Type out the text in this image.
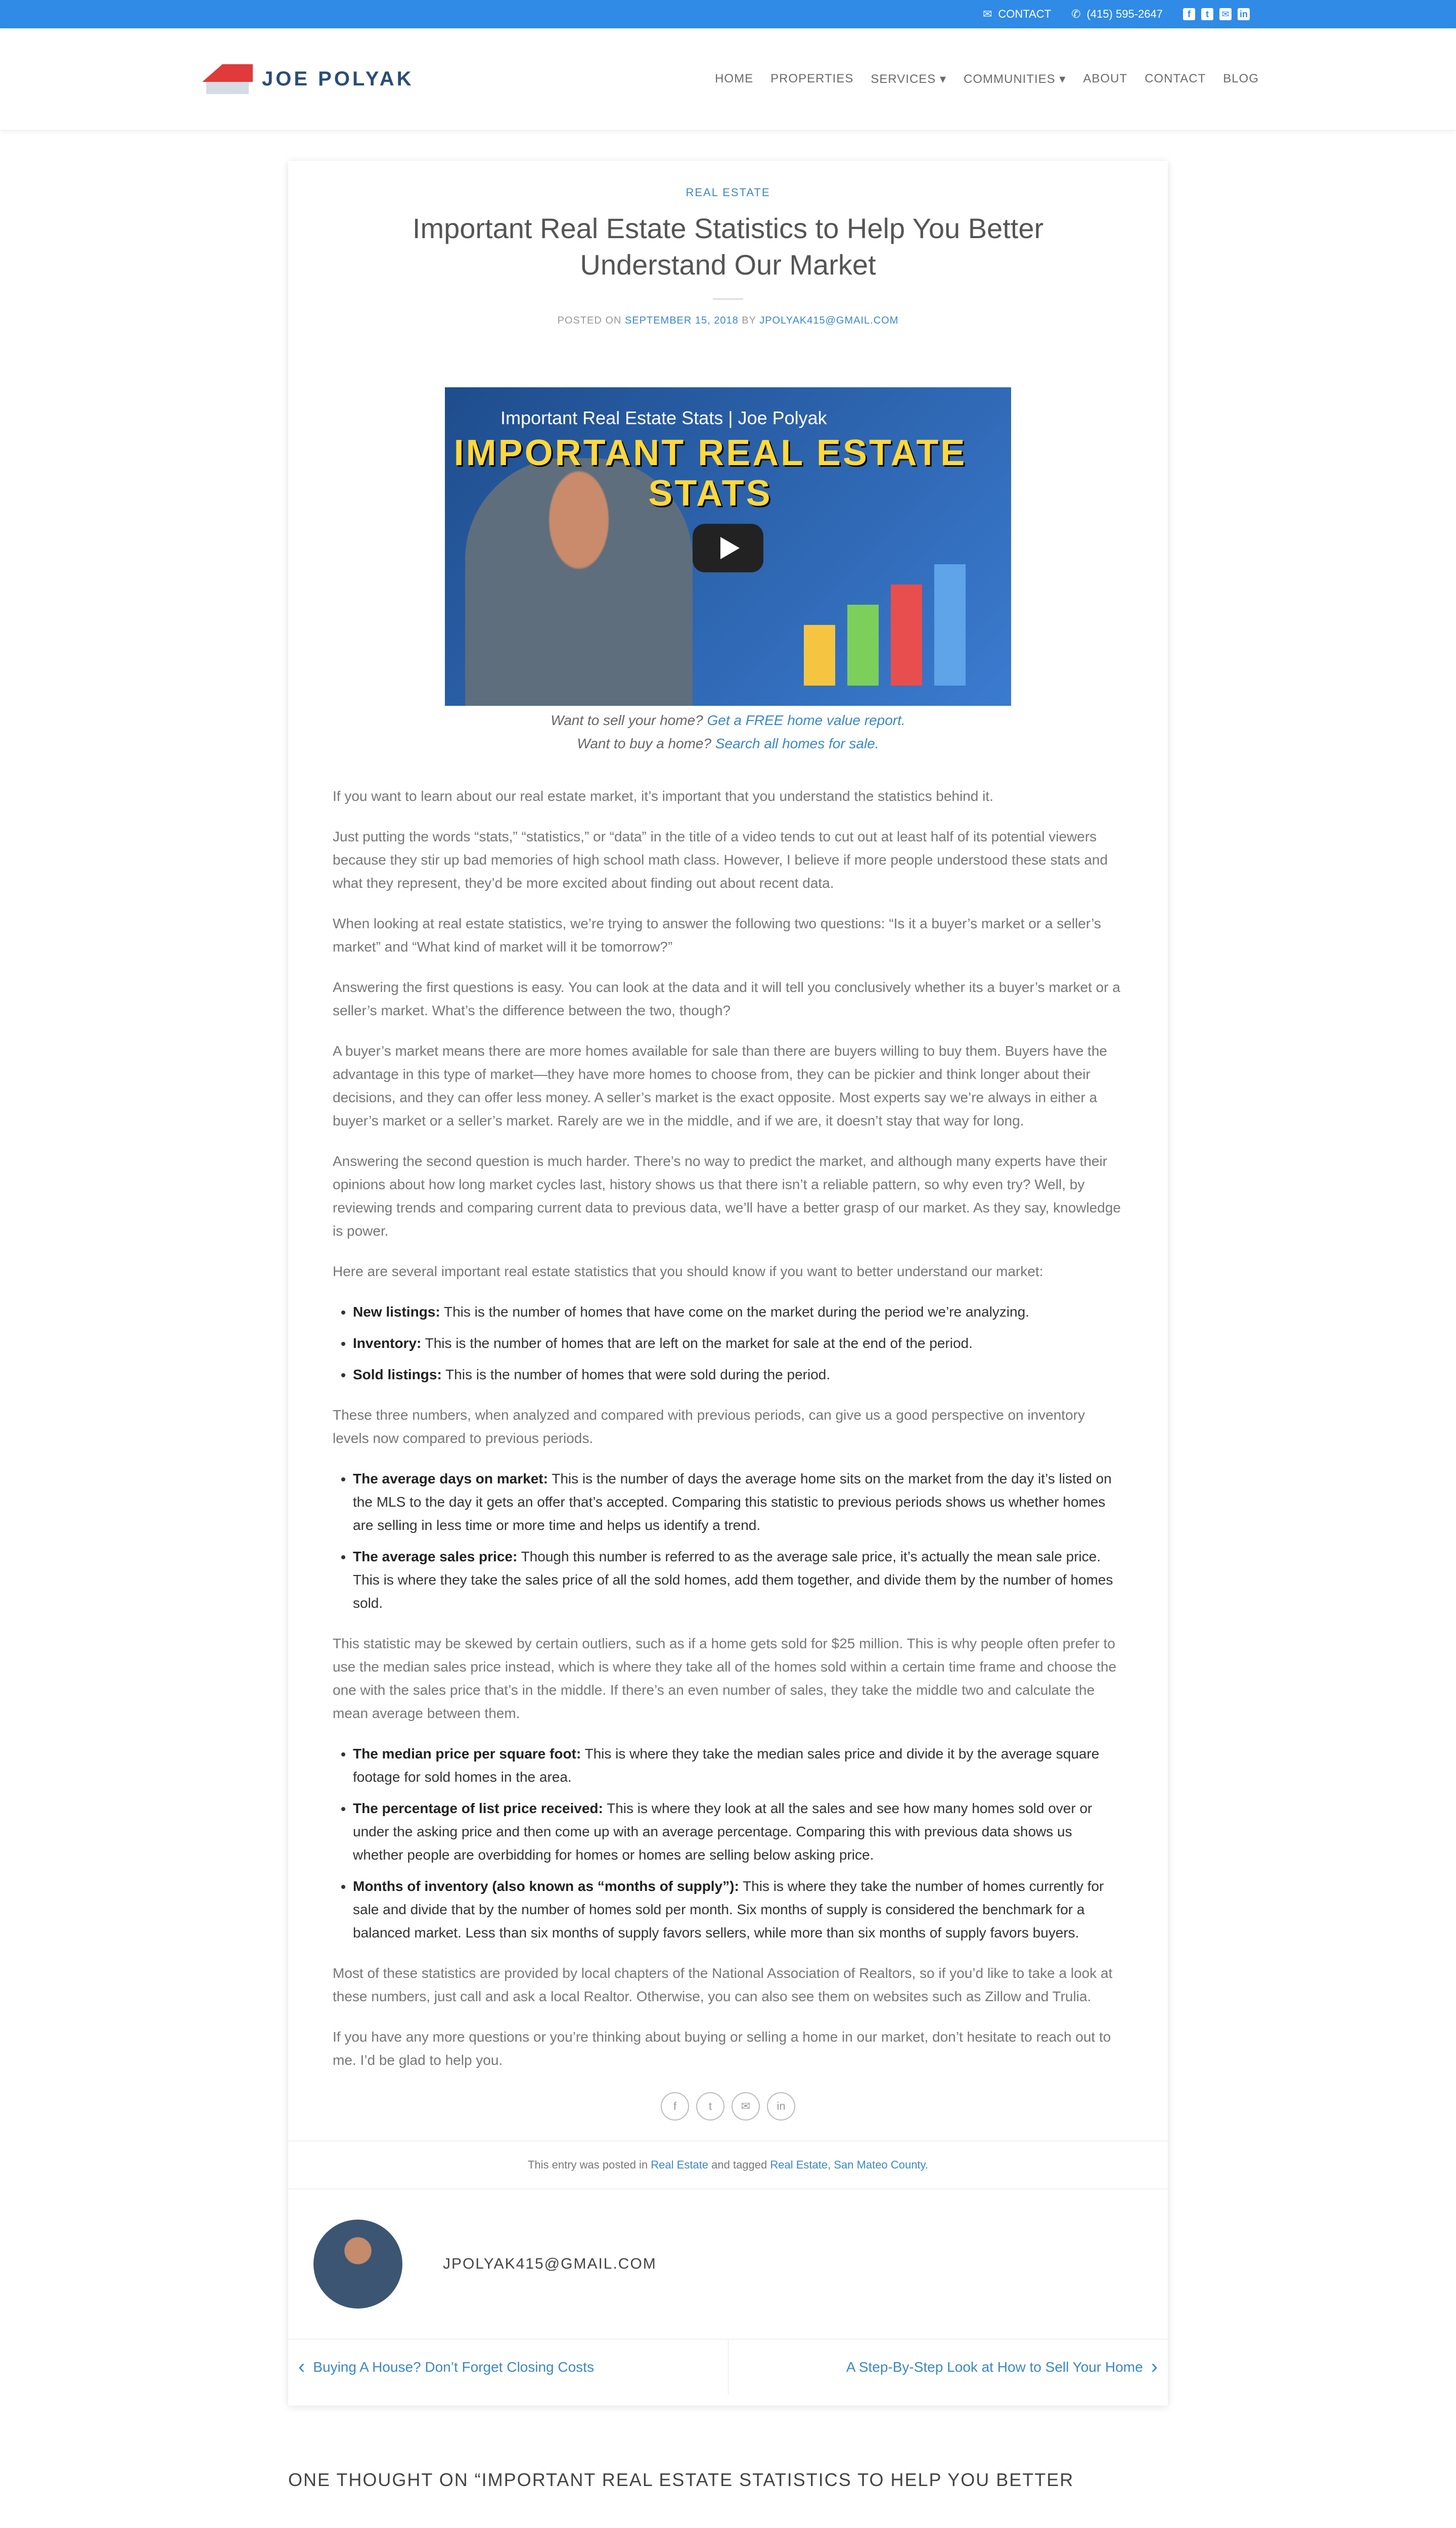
✉ CONTACT ✆ (415) 595-2647	f	t	✉ in
JOE POLYAK	HOME PROPERTIES SERVICES ▾ COMMUNITIES ▾ ABOUT CONTACT BLOG
REAL ESTATE
Important Real Estate Statistics to Help You Better Understand Our Market
POSTED ON SEPTEMBER 15, 2018 BY JPOLYAK415@GMAIL.COM
Important Real Estate Stats | Joe Polyak
IMPORTANT REAL ESTATE STATS
Want to sell your home? Get a FREE home value report.
Want to buy a home? Search all homes for sale.

If you want to learn about our real estate market, it’s important that you understand the statistics behind it.

Just putting the words “stats,” “statistics,” or “data” in the title of a video tends to cut out at least half of its potential viewers because they stir up bad memories of high school math class. However, I believe if more people understood these stats and what they represent, they’d be more excited about finding out about recent data.

When looking at real estate statistics, we’re trying to answer the following two questions: “Is it a buyer’s market or a seller’s market” and “What kind of market will it be tomorrow?”

Answering the first questions is easy. You can look at the data and it will tell you conclusively whether its a buyer’s market or a seller’s market. What’s the difference between the two, though?

A buyer’s market means there are more homes available for sale than there are buyers willing to buy them. Buyers have the advantage in this type of market—they have more homes to choose from, they can be pickier and think longer about their decisions, and they can offer less money. A seller’s market is the exact opposite. Most experts say we’re always in either a buyer’s market or a seller’s market. Rarely are we in the middle, and if we are, it doesn’t stay that way for long.

Answering the second question is much harder. There’s no way to predict the market, and although many experts have their opinions about how long market cycles last, history shows us that there isn’t a reliable pattern, so why even try? Well, by reviewing trends and comparing current data to previous data, we’ll have a better grasp of our market. As they say, knowledge is power.

Here are several important real estate statistics that you should know if you want to better understand our market:

• New listings: This is the number of homes that have come on the market during the period we’re analyzing.
• Inventory: This is the number of homes that are left on the market for sale at the end of the period.
• Sold listings: This is the number of homes that were sold during the period.

These three numbers, when analyzed and compared with previous periods, can give us a good perspective on inventory levels now compared to previous periods.

• The average days on market: This is the number of days the average home sits on the market from the day it’s listed on the MLS to the day it gets an offer that’s accepted. Comparing this statistic to previous periods shows us whether homes are selling in less time or more time and helps us identify a trend.
• The average sales price: Though this number is referred to as the average sale price, it’s actually the mean sale price. This is where they take the sales price of all the sold homes, add them together, and divide them by the number of homes sold.

This statistic may be skewed by certain outliers, such as if a home gets sold for $25 million. This is why people often prefer to use the median sales price instead, which is where they take all of the homes sold within a certain time frame and choose the one with the sales price that’s in the middle. If there’s an even number of sales, they take the middle two and calculate the mean average between them.

• The median price per square foot: This is where they take the median sales price and divide it by the average square footage for sold homes in the area.
• The percentage of list price received: This is where they look at all the sales and see how many homes sold over or under the asking price and then come up with an average percentage. Comparing this with previous data shows us whether people are overbidding for homes or homes are selling below asking price.
• Months of inventory (also known as “months of supply”): This is where they take the number of homes currently for sale and divide that by the number of homes sold per month. Six months of supply is considered the benchmark for a balanced market. Less than six months of supply favors sellers, while more than six months of supply favors buyers.

Most of these statistics are provided by local chapters of the National Association of Realtors, so if you’d like to take a look at these numbers, just call and ask a local Realtor. Otherwise, you can also see them on websites such as Zillow and Trulia.

If you have any more questions or you’re thinking about buying or selling a home in our market, don’t hesitate to reach out to me. I’d be glad to help you.

f	t	✉	in
This entry was posted in Real Estate and tagged Real Estate, San Mateo County.
JPOLYAK415@GMAIL.COM
‹ Buying A House? Don’t Forget Closing Costs	A Step-By-Step Look at How to Sell Your Home ›
ONE THOUGHT ON “IMPORTANT REAL ESTATE STATISTICS TO HELP YOU BETTER
